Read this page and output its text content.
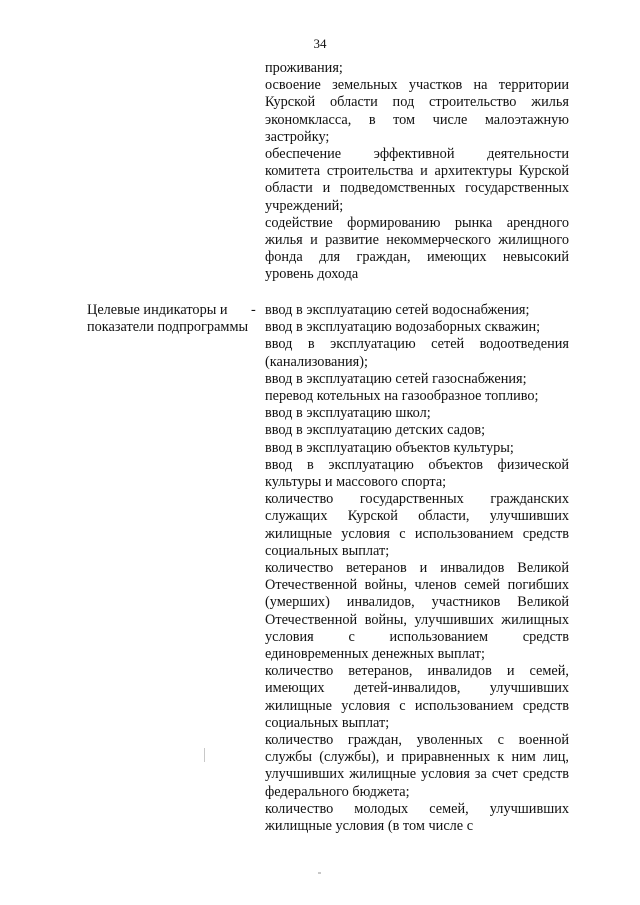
34

проживания;

освоение земельных участков на территории Курской области под строительство жилья экономкласса, в том числе малоэтажную застройку;

обеспечение эффективной деятельности комитета строительства и архитектуры Курской области и подведомственных государственных учреждений;

содействие формированию рынка арендного жилья и развитие некоммерческого жилищного фонда для граждан, имеющих невысокий уровень дохода

Целевые индикаторы и показатели подпрограммы
- ввод в эксплуатацию сетей водоснабжения;

ввод в эксплуатацию водозаборных скважин;

ввод в эксплуатацию сетей водоотведения (канализования);

ввод в эксплуатацию сетей газоснабжения;

перевод котельных на газообразное топливо;

ввод в эксплуатацию школ;

ввод в эксплуатацию детских садов;

ввод в эксплуатацию объектов культуры;

ввод в эксплуатацию объектов физической культуры и массового спорта;

количество государственных гражданских служащих Курской области, улучшивших жилищные условия с использованием средств социальных выплат;

количество ветеранов и инвалидов Великой Отечественной войны, членов семей погибших (умерших) инвалидов, участников Великой Отечественной войны, улучшивших жилищных условия с использованием средств единовременных денежных выплат;

количество ветеранов, инвалидов и семей, имеющих детей-инвалидов, улучшивших жилищные условия с использованием средств социальных выплат;

количество граждан, уволенных с военной службы (службы), и приравненных к ним лиц, улучшивших жилищные условия за счет средств федерального бюджета;

количество молодых семей, улучшивших жилищные условия (в том числе с
